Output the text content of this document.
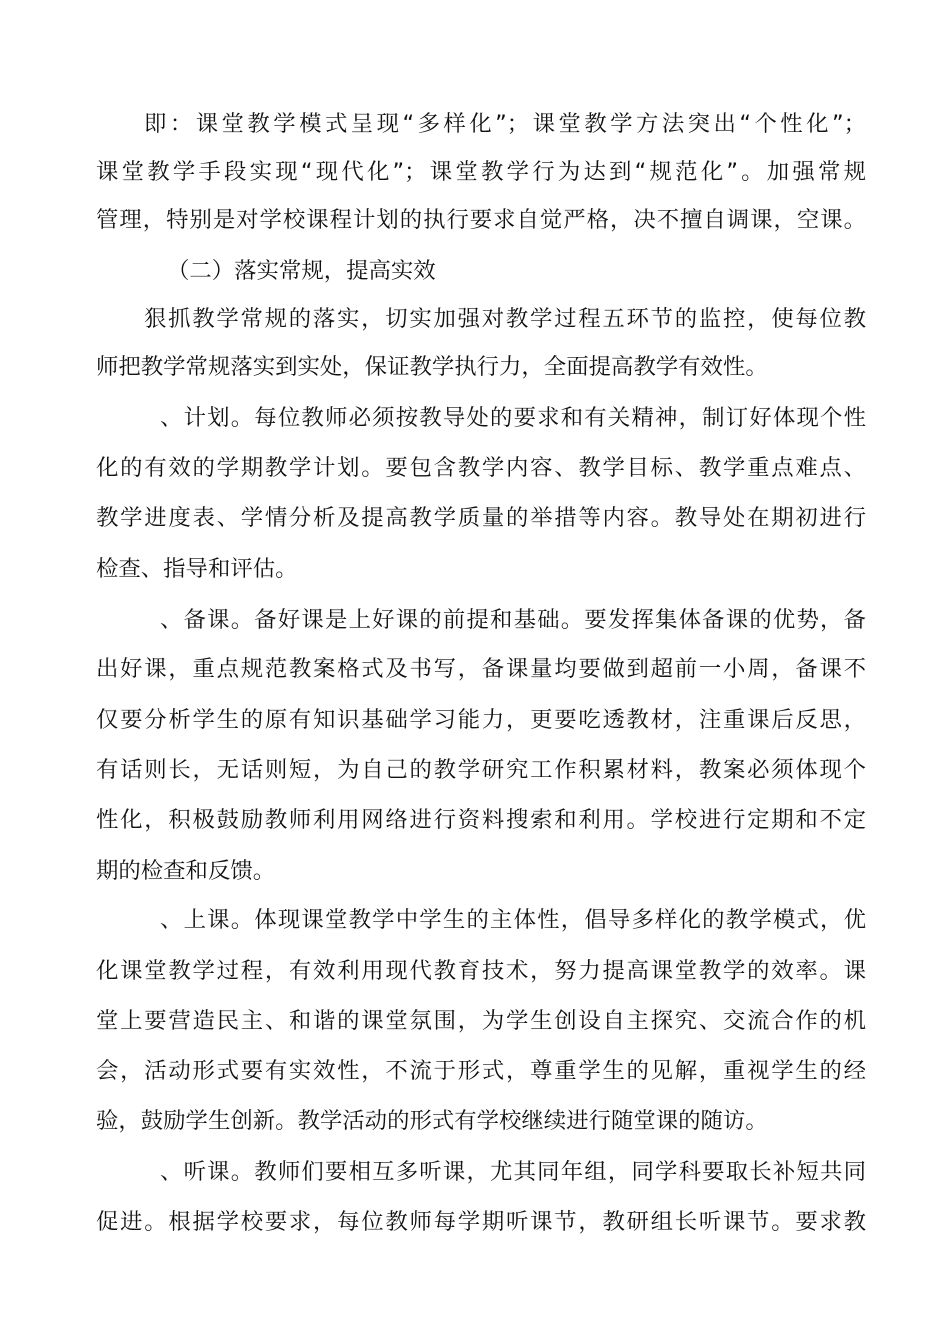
即：课堂教学模式呈现“多样化”；课堂教学方法突出“个性化”；
课堂教学手段实现“现代化”；课堂教学行为达到“规范化”。加强常规
管理，特别是对学校课程计划的执行要求自觉严格，决不擅自调课，空课。
（二）落实常规，提高实效
狠抓教学常规的落实，切实加强对教学过程五环节的监控，使每位教
师把教学常规落实到实处，保证教学执行力，全面提高教学有效性。
、计划。每位教师必须按教导处的要求和有关精神，制订好体现个性
化的有效的学期教学计划。要包含教学内容、教学目标、教学重点难点、
教学进度表、学情分析及提高教学质量的举措等内容。教导处在期初进行
检查、指导和评估。
、备课。备好课是上好课的前提和基础。要发挥集体备课的优势，备
出好课，重点规范教案格式及书写，备课量均要做到超前一小周，备课不
仅要分析学生的原有知识基础学习能力，更要吃透教材，注重课后反思，
有话则长，无话则短，为自己的教学研究工作积累材料，教案必须体现个
性化，积极鼓励教师利用网络进行资料搜索和利用。学校进行定期和不定
期的检查和反馈。
、上课。体现课堂教学中学生的主体性，倡导多样化的教学模式，优
化课堂教学过程，有效利用现代教育技术，努力提高课堂教学的效率。课
堂上要营造民主、和谐的课堂氛围，为学生创设自主探究、交流合作的机
会，活动形式要有实效性，不流于形式，尊重学生的见解，重视学生的经
验，鼓励学生创新。教学活动的形式有学校继续进行随堂课的随访。
、听课。教师们要相互多听课，尤其同年组，同学科要取长补短共同
促进。根据学校要求，每位教师每学期听课节，教研组长听课节。要求教
